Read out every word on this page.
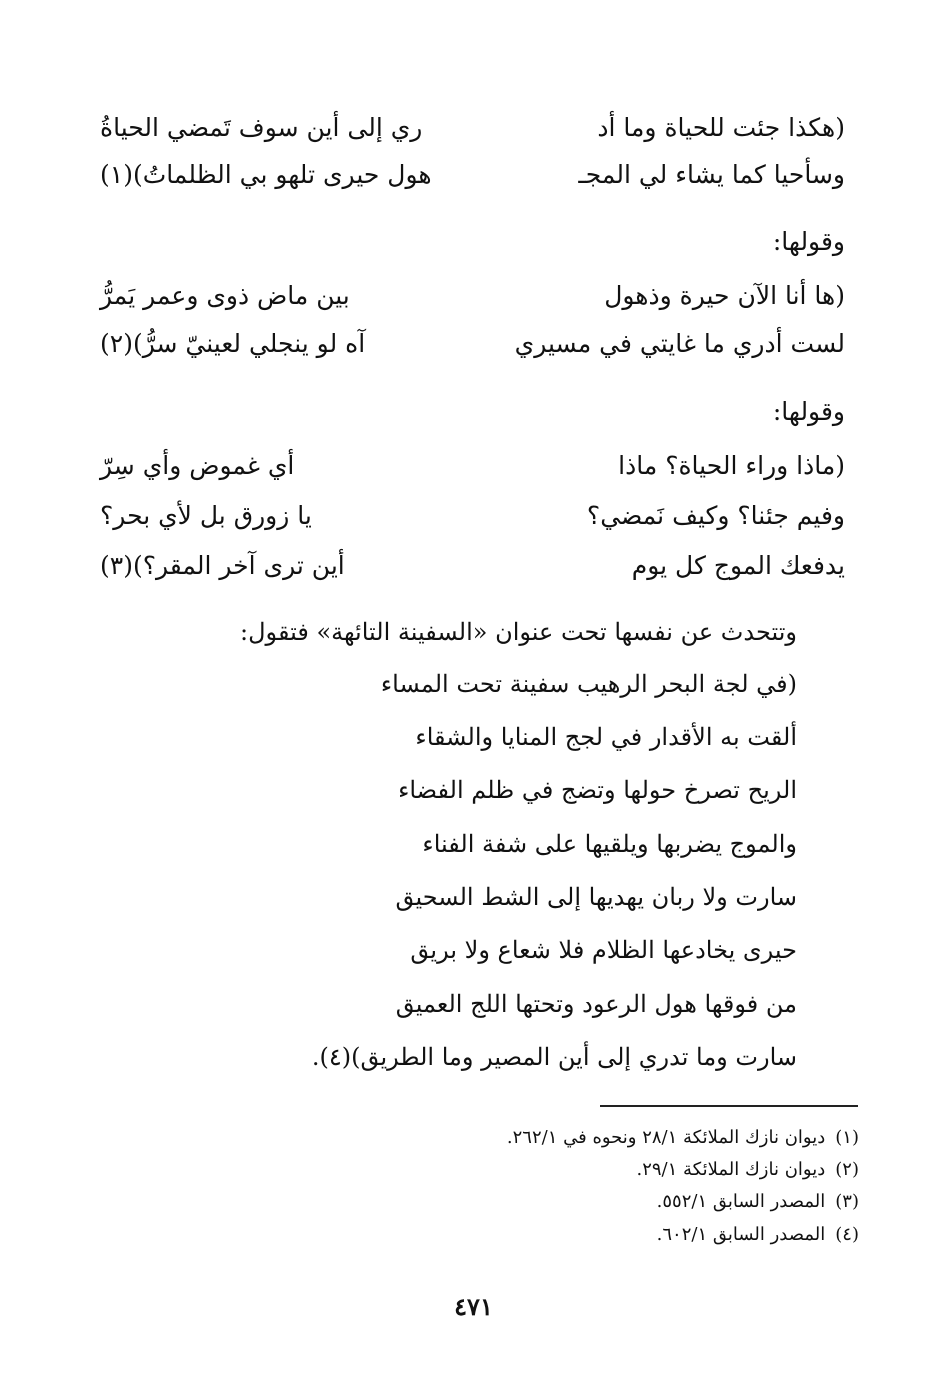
(هكذا جئت للحياة وما أد
ري إلى أين سوف تَمضي الحياةُ
وسأحيا كما يشاء لي المجـ
هول حيرى تلهو بي الظلماتُ)(١)
وقولها:
(ها أنا الآن حيرة وذهول
بين ماض ذوى وعمر يَمرُّ
لست أدري ما غايتي في مسيري
آه لو ينجلي لعينيّ سرُّ)(٢)
وقولها:
(ماذا وراء الحياة؟ ماذا
أي غموض وأي سِرّ
وفيم جئنا؟ وكيف نَمضي؟
يا زورق بل لأي بحر؟
يدفعك الموج كل يوم
أين ترى آخر المقر؟)(٣)
وتتحدث عن نفسها تحت عنوان «السفينة التائهة» فتقول:
(في لجة البحر الرهيب سفينة تحت المساء
ألقت به الأقدار في لجج المنايا والشقاء
الريح تصرخ حولها وتضج في ظلم الفضاء
والموج يضربها ويلقيها على شفة الفناء
سارت ولا ربان يهديها إلى الشط السحيق
حيرى يخادعها الظلام فلا شعاع ولا بريق
من فوقها هول الرعود وتحتها اللج العميق
سارت وما تدري إلى أين المصير وما الطريق)(٤).
(١)ديوان نازك الملائكة ٢٨/١ ونحوه في ٢٦٢/١.
(٢)ديوان نازك الملائكة ٢٩/١.
(٣)المصدر السابق ٥٥٢/١.
(٤)المصدر السابق ٦٠٢/١.
٤٧١
